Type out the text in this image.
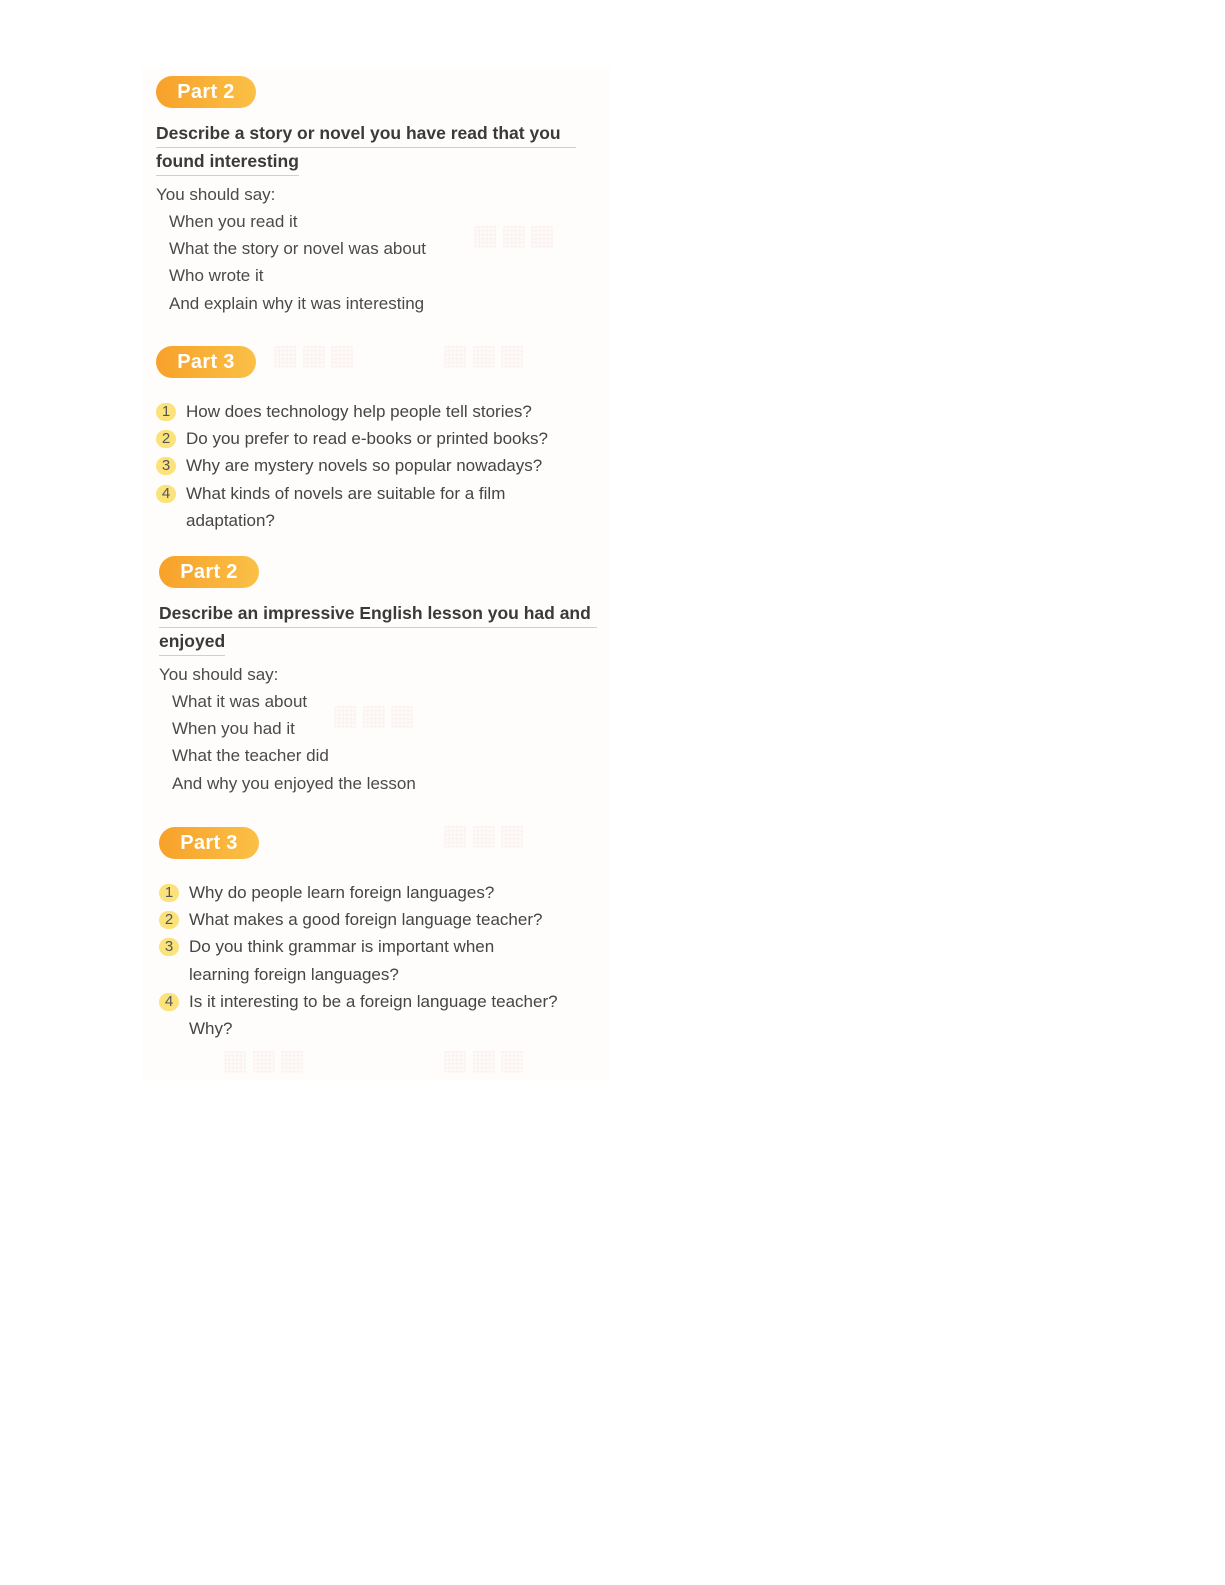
▦▦▦
▦▦▦	▦▦▦
▦▦▦
▦▦▦
▦▦▦	▦▦▦
Part 2
Describe a story or novel you have read that you
found interesting
You should say:
When you read it
What the story or novel was about
Who wrote it
And explain why it was interesting
Part 3
1 How does technology help people tell stories?
2 Do you prefer to read e-books or printed books?
3 Why are mystery novels so popular nowadays?
4 What kinds of novels are suitable for a film
adaptation?
Part 2
Describe an impressive English lesson you had and
enjoyed
You should say:
What it was about
When you had it
What the teacher did
And why you enjoyed the lesson
Part 3
1 Why do people learn foreign languages?
2 What makes a good foreign language teacher?
3 Do you think grammar is important when
learning foreign languages?
4 Is it interesting to be a foreign language teacher?
Why?
